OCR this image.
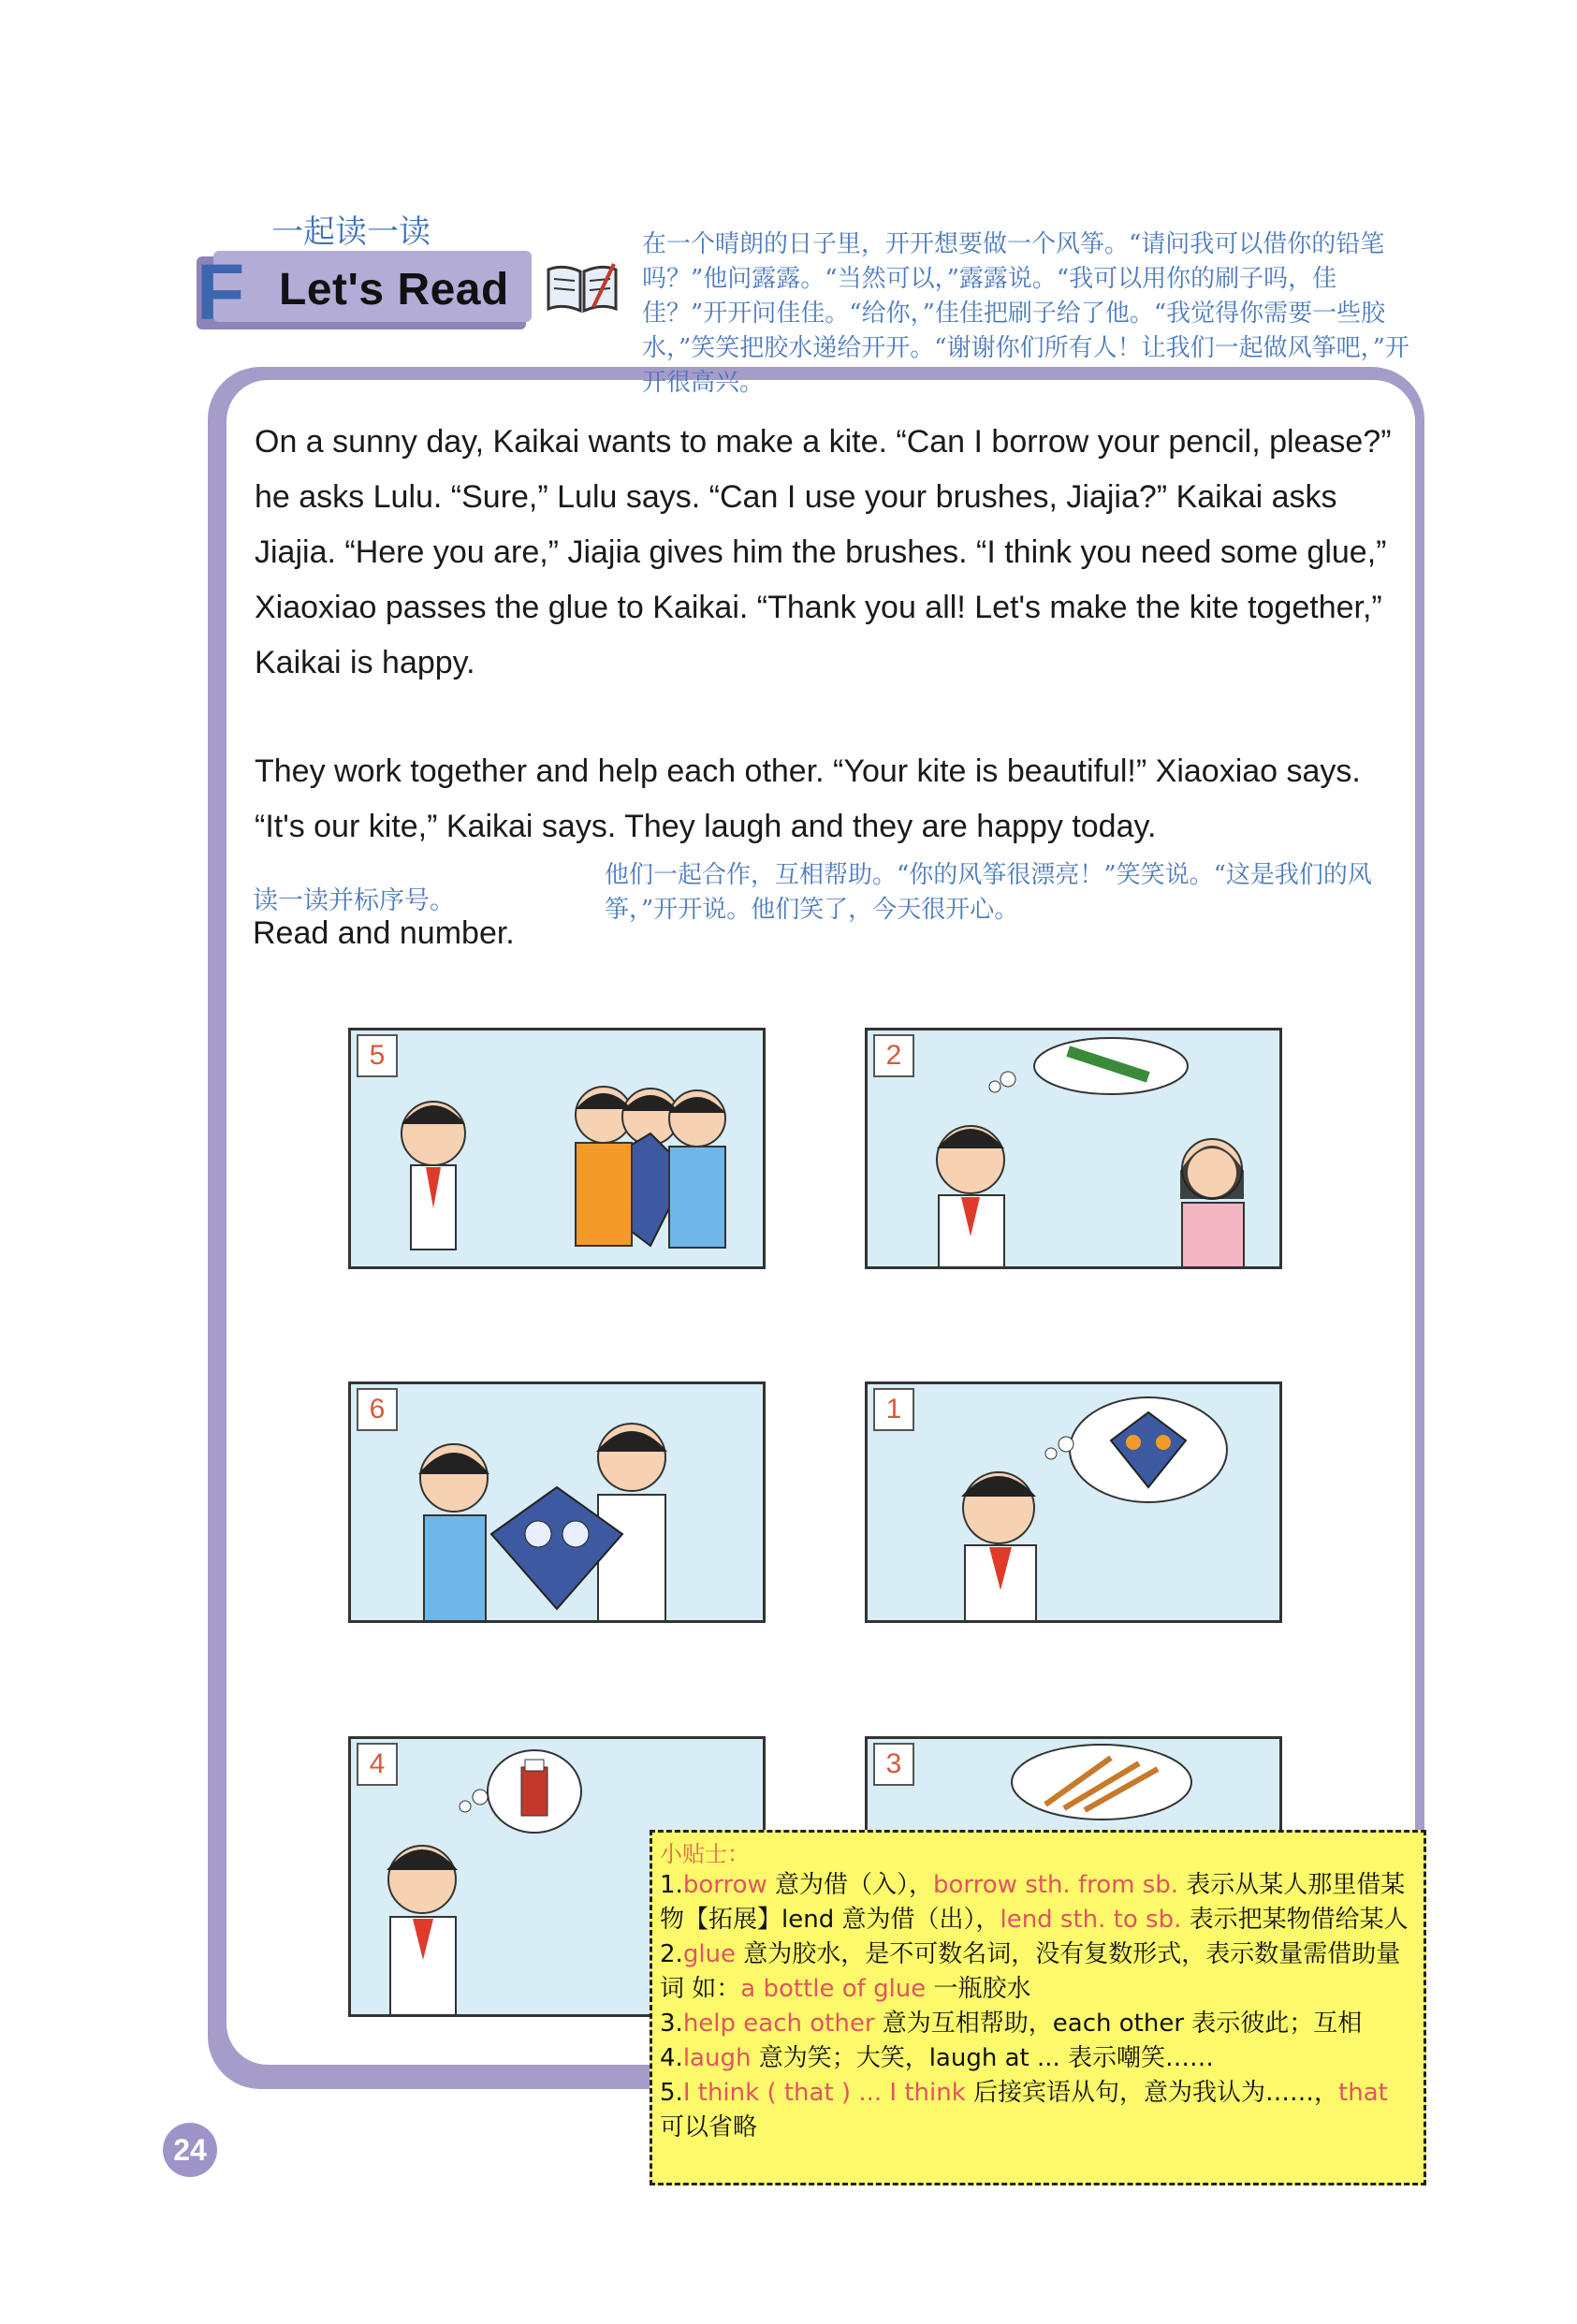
一起读一读
F Let's Read
在一个晴朗的日子里，开开想要做一个风筝。“请问我可以借你的铅笔吗？”他问露露。“当然可以，”露露说。“我可以用你的刷子吗，佳佳？”开开问佳佳。“给你，”佳佳把刷子给了他。“我觉得你需要一些胶水，”笑笑把胶水递给开开。“谢谢你们所有人！让我们一起做风筝吧，”开开很高兴。
On a sunny day, Kaikai wants to make a kite. “Can I borrow your pencil, please?” he asks Lulu. “Sure,” Lulu says. “Can I use your brushes, Jiajia?” Kaikai asks Jiajia. “Here you are,” Jiajia gives him the brushes. “I think you need some glue,” Xiaoxiao passes the glue to Kaikai. “Thank you all! Let's make the kite together,” Kaikai is happy.
They work together and help each other. “Your kite is beautiful!” Xiaoxiao says. “It's our kite,” Kaikai says. They laugh and they are happy today.
读一读并标序号。
Read and number.
他们一起合作，互相帮助。“你的风筝很漂亮！”笑笑说。“这是我们的风筝，”开开说。他们笑了，今天很开心。
5	2
6	1
4	3
24
小贴士：
1.borrow 意为借（入），borrow sth. from sb. 表示从某人那里借某物【拓展】lend 意为借（出），lend sth. to sb. 表示把某物借给某人
2.glue 意为胶水，是不可数名词，没有复数形式，表示数量需借助量词 如：a bottle of glue 一瓶胶水
3.help each other 意为互相帮助，each other 表示彼此；互相
4.laugh 意为笑；大笑，laugh at ... 表示嘲笑……
5.I think ( that ) ... I think 后接宾语从句，意为我认为……，that 可以省略
